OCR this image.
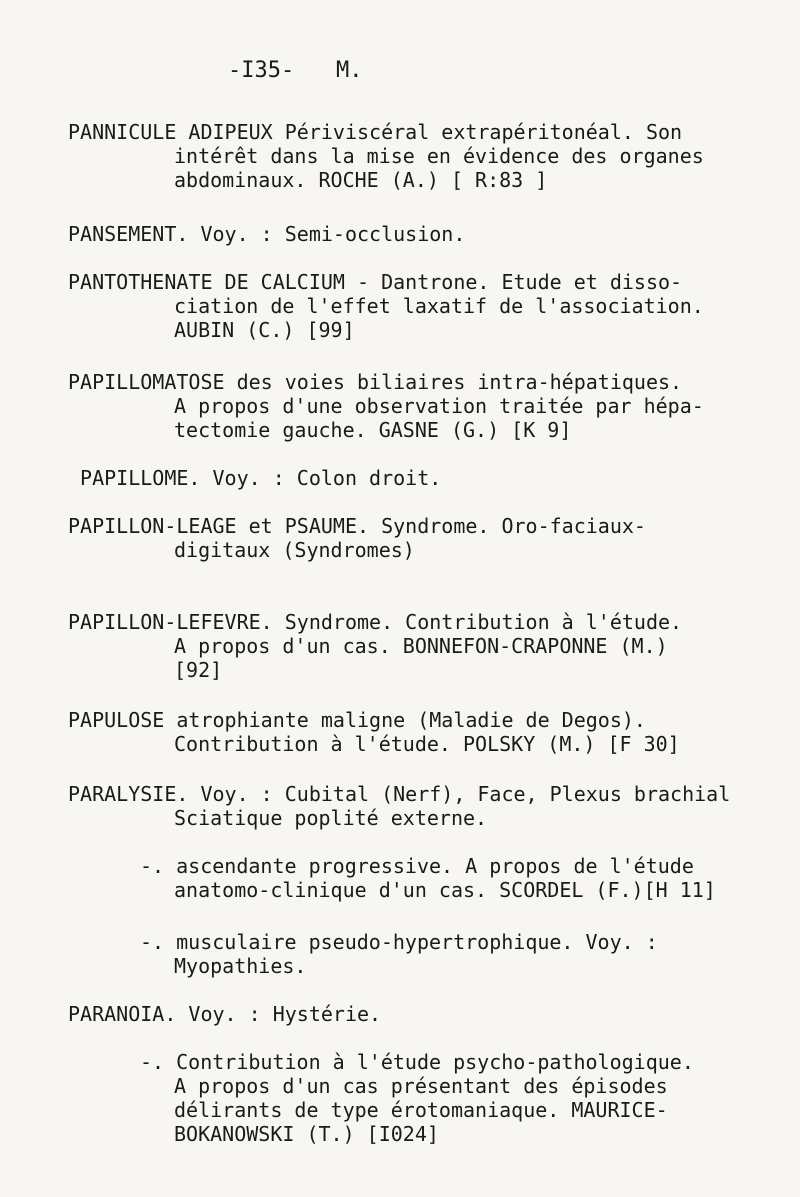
-I35- M.
PANNICULE ADIPEUX Périviscéral extrapéritonéal. Son
intérêt dans la mise en évidence des organes
abdominaux. ROCHE (A.) [ R:83 ]
PANSEMENT. Voy. : Semi-occlusion.
PANTOTHENATE DE CALCIUM - Dantrone. Etude et disso-
ciation de l'effet laxatif de l'association.
AUBIN (C.) [99]
PAPILLOMATOSE des voies biliaires intra-hépatiques.
A propos d'une observation traitée par hépa-
tectomie gauche. GASNE (G.) [K 9]
PAPILLOME. Voy. : Colon droit.
PAPILLON-LEAGE et PSAUME. Syndrome. Oro-faciaux-
digitaux (Syndromes)
PAPILLON-LEFEVRE. Syndrome. Contribution à l'étude.
A propos d'un cas. BONNEFON-CRAPONNE (M.)
[92]
PAPULOSE atrophiante maligne (Maladie de Degos).
Contribution à l'étude. POLSKY (M.) [F 30]
PARALYSIE. Voy. : Cubital (Nerf), Face, Plexus brachial
Sciatique poplité externe.
-. ascendante progressive. A propos de l'étude
anatomo-clinique d'un cas. SCORDEL (F.)[H 11]
-. musculaire pseudo-hypertrophique. Voy. :
Myopathies.
PARANOIA. Voy. : Hystérie.
-. Contribution à l'étude psycho-pathologique.
A propos d'un cas présentant des épisodes
délirants de type érotomaniaque. MAURICE-
BOKANOWSKI (T.) [I024]
